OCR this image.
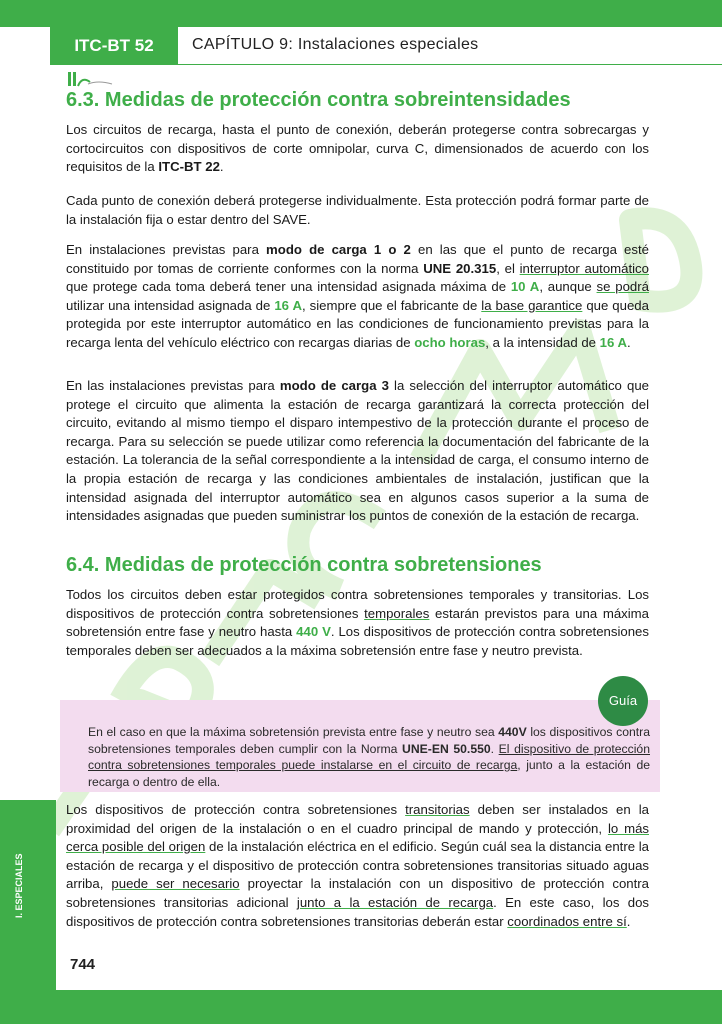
ITC-BT 52	CAPÍTULO 9: Instalaciones especiales
6.3. Medidas de protección contra sobreintensidades

Los circuitos de recarga, hasta el punto de conexión, deberán protegerse contra sobrecargas y cortocircuitos con dispositivos de corte omnipolar, curva C, dimensionados de acuerdo con los requisitos de la ITC-BT 22.

Cada punto de conexión deberá protegerse individualmente. Esta protección podrá formar parte de la instalación fija o estar dentro del SAVE.

En instalaciones previstas para modo de carga 1 o 2 en las que el punto de recarga esté constituido por tomas de corriente conformes con la norma UNE 20.315, el interruptor automático que protege cada toma deberá tener una intensidad asignada máxima de 10 A, aunque se podrá utilizar una intensidad asignada de 16 A, siempre que el fabricante de la base garantice que queda protegida por este interruptor automático en las condiciones de funcionamiento previstas para la recarga lenta del vehículo eléctrico con recargas diarias de ocho horas, a la intensidad de 16 A.

En las instalaciones previstas para modo de carga 3 la selección del interruptor automático que protege el circuito que alimenta la estación de recarga garantizará la correcta protección del circuito, evitando al mismo tiempo el disparo intempestivo de la protección durante el proceso de recarga. Para su selección se puede utilizar como referencia la documentación del fabricante de la estación. La tolerancia de la señal correspondiente a la intensidad de carga, el consumo interno de la propia estación de recarga y las condiciones ambientales de instalación, justifican que la intensidad asignada del interruptor automático sea en algunos casos superior a la suma de intensidades asignadas que pueden suministrar los puntos de conexión de la estación de recarga.

6.4. Medidas de protección contra sobretensiones

Todos los circuitos deben estar protegidos contra sobretensiones temporales y transitorias. Los dispositivos de protección contra sobretensiones temporales estarán previstos para una máxima sobretensión entre fase y neutro hasta 440 V. Los dispositivos de protección contra sobretensiones temporales deben ser adecuados a la máxima sobretensión entre fase y neutro prevista.

Guía

En el caso en que la máxima sobretensión prevista entre fase y neutro sea 440V los dispositivos contra sobretensiones temporales deben cumplir con la Norma UNE-EN 50.550. El dispositivo de protección contra sobretensiones temporales puede instalarse en el circuito de recarga, junto a la estación de recarga o dentro de ella.

Los dispositivos de protección contra sobretensiones transitorias deben ser instalados en la proximidad del origen de la instalación o en el cuadro principal de mando y protección, lo más cerca posible del origen de la instalación eléctrica en el edificio. Según cuál sea la distancia entre la estación de recarga y el dispositivo de protección contra sobretensiones transitorias situado aguas arriba, puede ser necesario proyectar la instalación con un dispositivo de protección contra sobretensiones transitorias adicional junto a la estación de recarga. En este caso, los dos dispositivos de protección contra sobretensiones transitorias deberán estar coordinados entre sí.

I. ESPECIALES
744
